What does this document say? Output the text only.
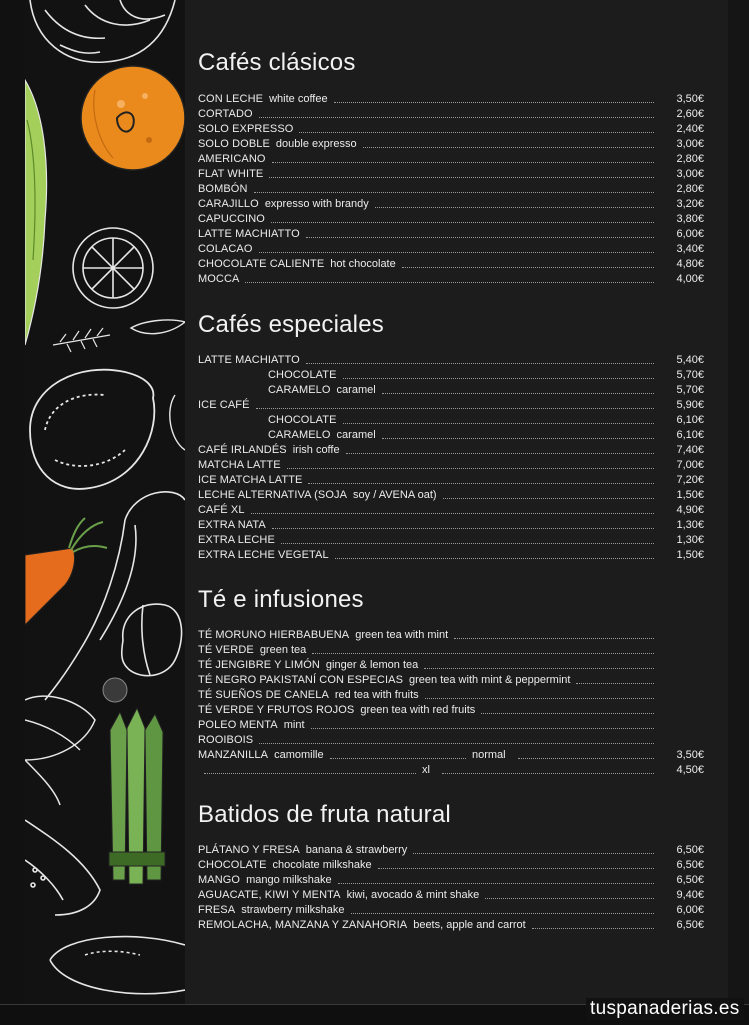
Cafés clásicos
CON LECHE white coffee	3,50€
CORTADO	2,60€
SOLO EXPRESSO	2,40€
SOLO DOBLE double expresso	3,00€
AMERICANO	2,80€
FLAT WHITE	3,00€
BOMBÓN	2,80€
CARAJILLO expresso with brandy	3,20€
CAPUCCINO	3,80€
LATTE MACHIATTO	6,00€
COLACAO	3,40€
CHOCOLATE CALIENTE hot chocolate	4,80€
MOCCA	4,00€
Cafés especiales
LATTE MACHIATTO	5,40€
CHOCOLATE	5,70€
CARAMELO caramel	5,70€
ICE CAFÉ	5,90€
CHOCOLATE	6,10€
CARAMELO caramel	6,10€
CAFÉ IRLANDÉS irish coffe	7,40€
MATCHA LATTE	7,00€
ICE MATCHA LATTE	7,20€
LECHE ALTERNATIVA (SOJA soy / AVENA oat)	1,50€
CAFÉ XL	4,90€
EXTRA NATA	1,30€
EXTRA LECHE	1,30€
EXTRA LECHE VEGETAL	1,50€
Té e infusiones
TÉ MORUNO HIERBABUENA green tea with mint
TÉ VERDE green tea
TÉ JENGIBRE Y LIMÓN ginger & lemon tea
TÉ NEGRO PAKISTANÍ CON ESPECIAS green tea with mint & peppermint
TÉ SUEÑOS DE CANELA red tea with fruits
TÉ VERDE Y FRUTOS ROJOS green tea with red fruits
POLEO MENTA mint
ROOIBOIS
MANZANILLA camomille	normal	3,50€
xl	4,50€
Batidos de fruta natural
PLÁTANO Y FRESA banana & strawberry	6,50€
CHOCOLATE chocolate milkshake	6,50€
MANGO mango milkshake	6,50€
AGUACATE, KIWI Y MENTA kiwi, avocado & mint shake	9,40€
FRESA strawberry milkshake	6,00€
REMOLACHA, MANZANA Y ZANAHORIA beets, apple and carrot	6,50€
tuspanaderias.es
